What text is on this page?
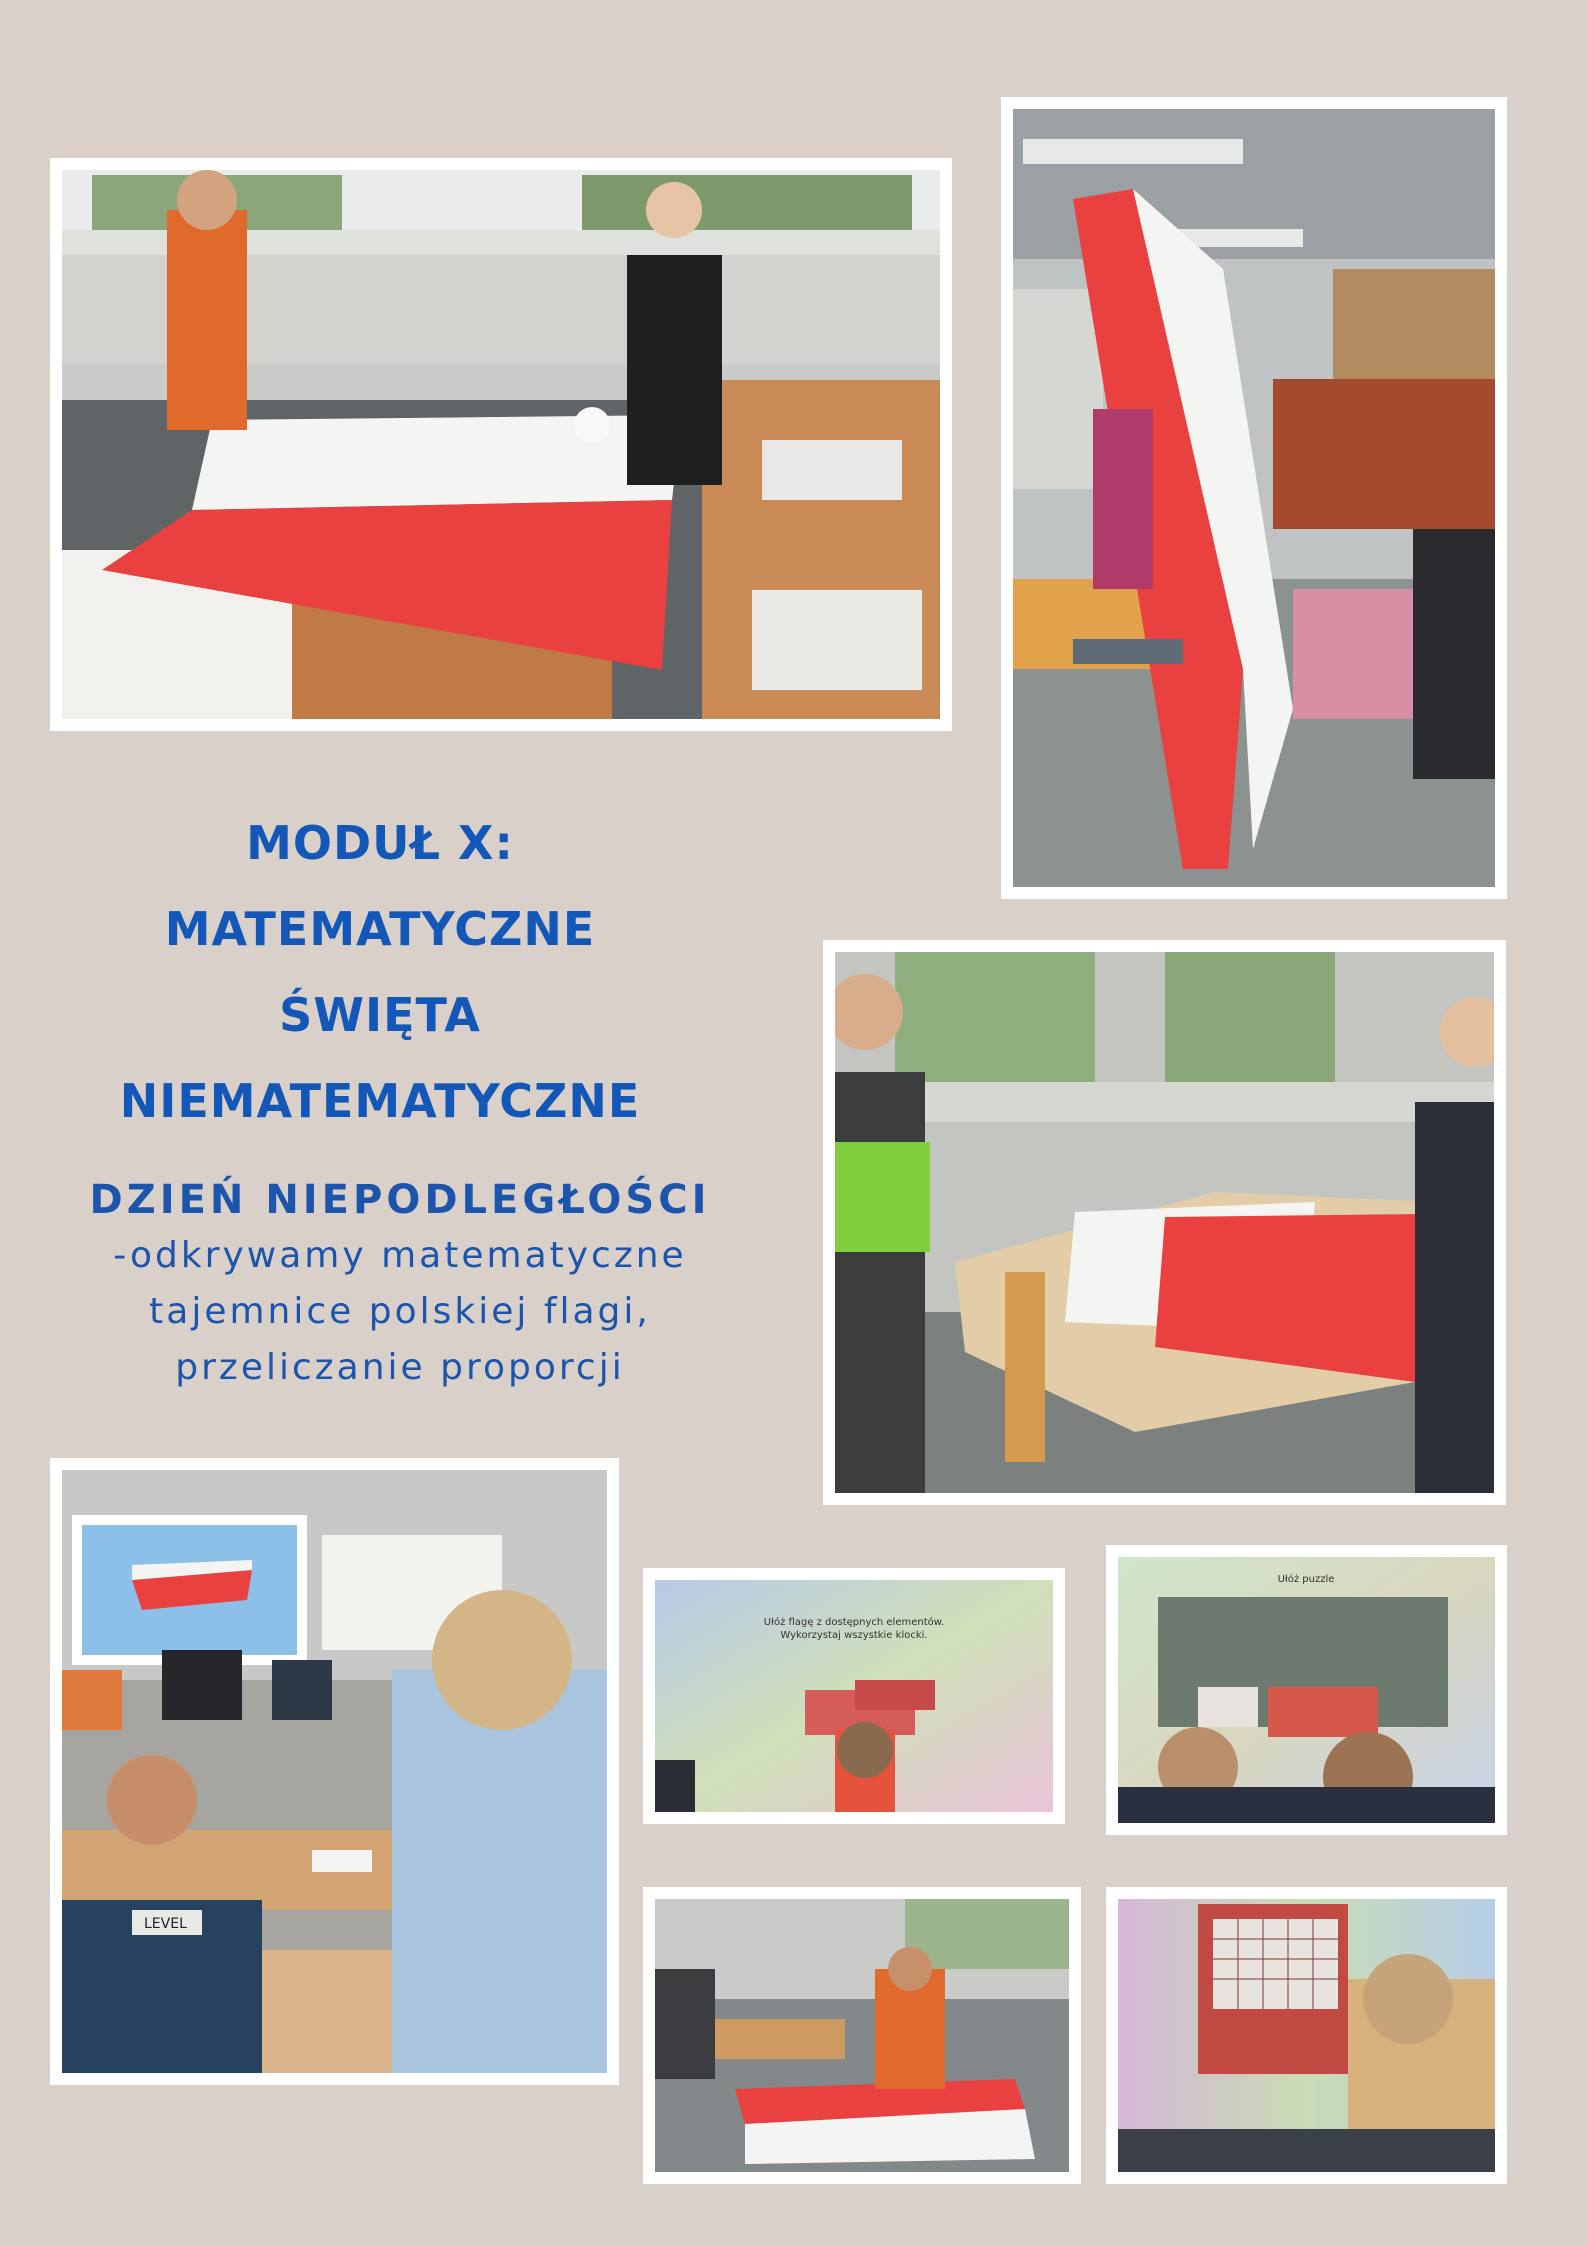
MODUŁ X:
MATEMATYCZNE
ŚWIĘTA
NIEMATEMATYCZNE
DZIEŃ NIEPODLEGŁOŚCI
-odkrywamy matematyczne
tajemnice polskiej flagi,
przeliczanie proporcji
LEVEL
Ułóż flagę z dostępnych elementów.
Wykorzystaj wszystkie klocki.
Ułóż puzzle
